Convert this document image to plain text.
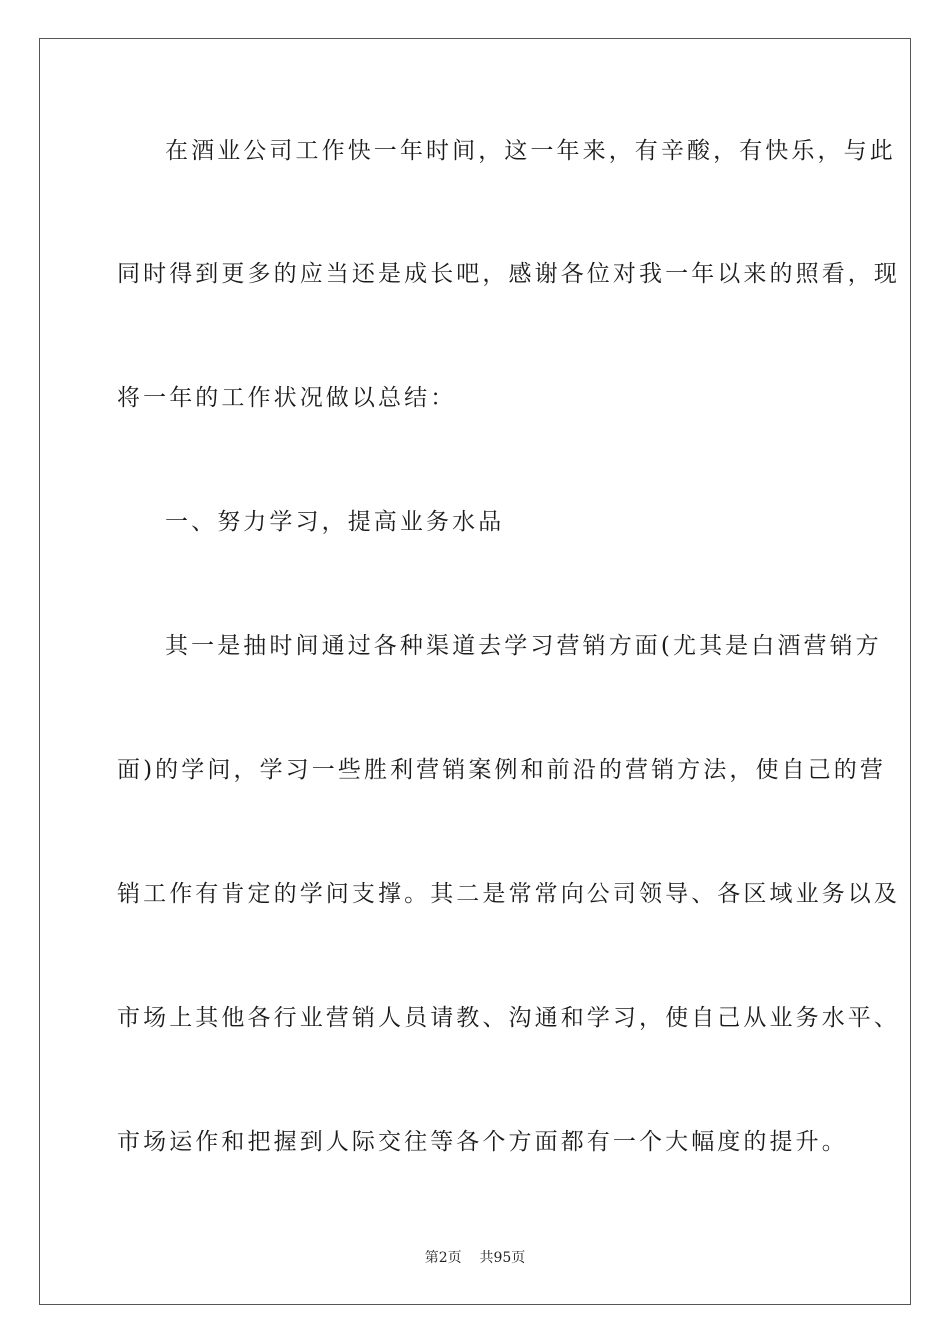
在酒业公司工作快一年时间，这一年来，有辛酸，有快乐，与此
同时得到更多的应当还是成长吧，感谢各位对我一年以来的照看，现
将一年的工作状况做以总结：
一、努力学习，提高业务水品
其一是抽时间通过各种渠道去学习营销方面(尤其是白酒营销方
面)的学问，学习一些胜利营销案例和前沿的营销方法，使自己的营
销工作有肯定的学问支撑。其二是常常向公司领导、各区域业务以及
市场上其他各行业营销人员请教、沟通和学习，使自己从业务水平、
市场运作和把握到人际交往等各个方面都有一个大幅度的提升。
第2页 共95页
